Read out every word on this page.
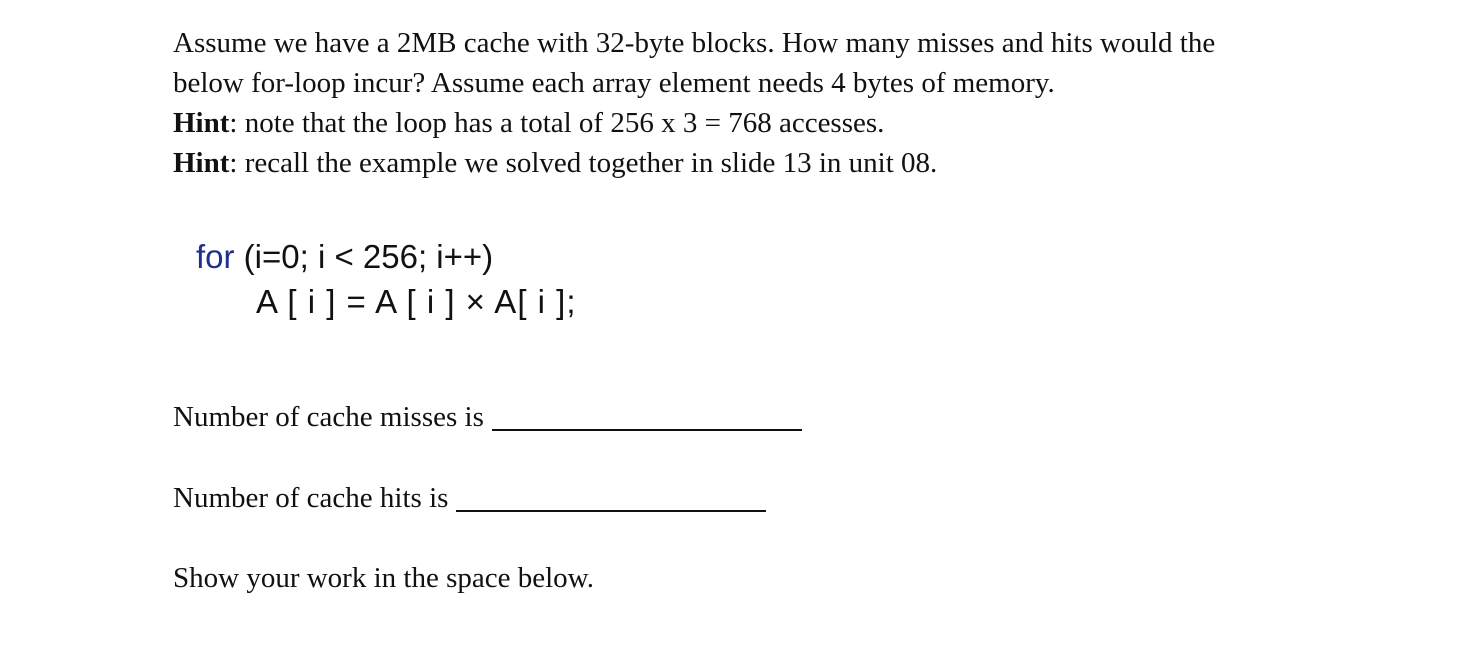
Assume we have a 2MB cache with 32-byte blocks. How many misses and hits would the

below for-loop incur? Assume each array element needs 4 bytes of memory.

Hint: note that the loop has a total of 256 x 3 = 768 accesses.

Hint: recall the example we solved together in slide 13 in unit 08.

for (i=0; i < 256; i++)
A [ i ] = A [ i ] × A[ i ];
Number of cache misses is
Number of cache hits is
Show your work in the space below.
